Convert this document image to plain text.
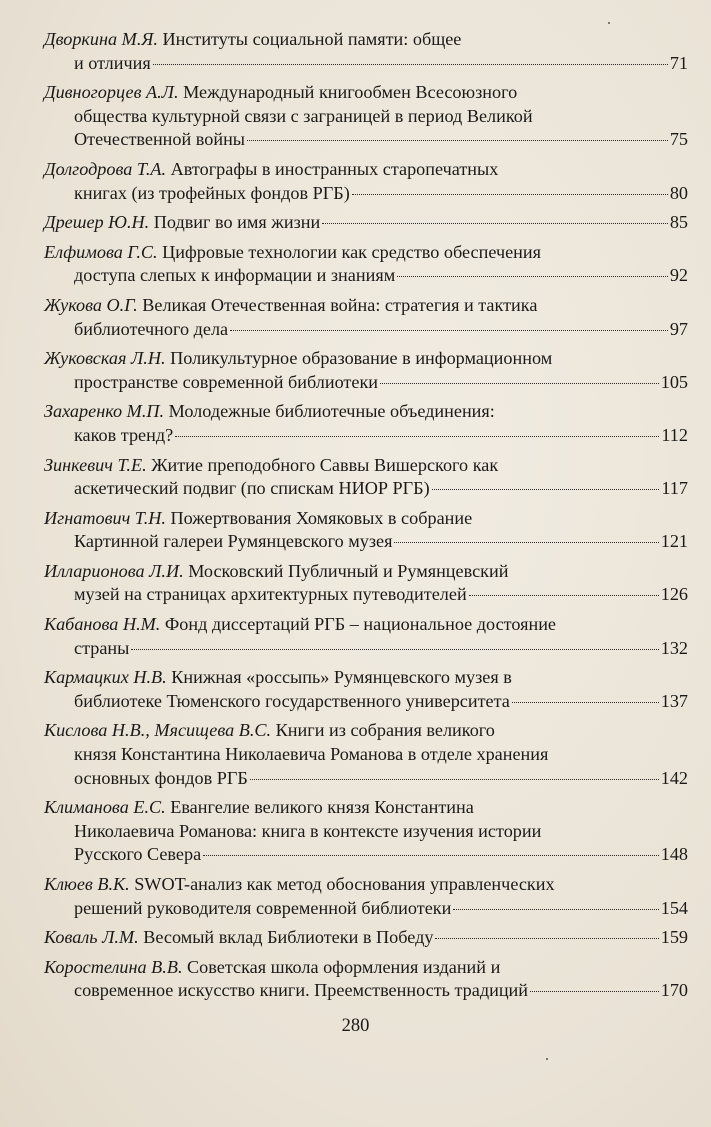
Дворкина М.Я. Институты социальной памяти: общее
и отличия	71
Дивногорцев А.Л. Международный книгообмен Всесоюзного
общества культурной связи с заграницей в период Великой
Отечественной войны	75
Долгодрова Т.А. Автографы в иностранных старопечатных
книгах (из трофейных фондов РГБ)	80
Дрешер Ю.Н. Подвиг во имя жизни	85
Елфимова Г.С. Цифровые технологии как средство обеспечения
доступа слепых к информации и знаниям	92
Жукова О.Г. Великая Отечественная война: стратегия и тактика
библиотечного дела	97
Жуковская Л.Н. Поликультурное образование в информационном
пространстве современной библиотеки	105
Захаренко М.П. Молодежные библиотечные объединения:
каков тренд?	112
Зинкевич Т.Е. Житие преподобного Саввы Вишерского как
аскетический подвиг (по спискам НИОР РГБ)	117
Игнатович Т.Н. Пожертвования Хомяковых в собрание
Картинной галереи Румянцевского музея	121
Илларионова Л.И. Московский Публичный и Румянцевский
музей на страницах архитектурных путеводителей	126
Кабанова Н.М. Фонд диссертаций РГБ – национальное достояние
страны	132
Кармацких Н.В. Книжная «россыпь» Румянцевского музея в
библиотеке Тюменского государственного университета	137
Кислова Н.В., Мясищева В.С. Книги из собрания великого
князя Константина Николаевича Романова в отделе хранения
основных фондов РГБ	142
Климанова Е.С. Евангелие великого князя Константина
Николаевича Романова: книга в контексте изучения истории
Русского Севера	148
Клюев В.К. SWOT-анализ как метод обоснования управленческих
решений руководителя современной библиотеки	154
Коваль Л.М. Весомый вклад Библиотеки в Победу	159
Коростелина В.В. Советская школа оформления изданий и
современное искусство книги. Преемственность традиций	170
280
